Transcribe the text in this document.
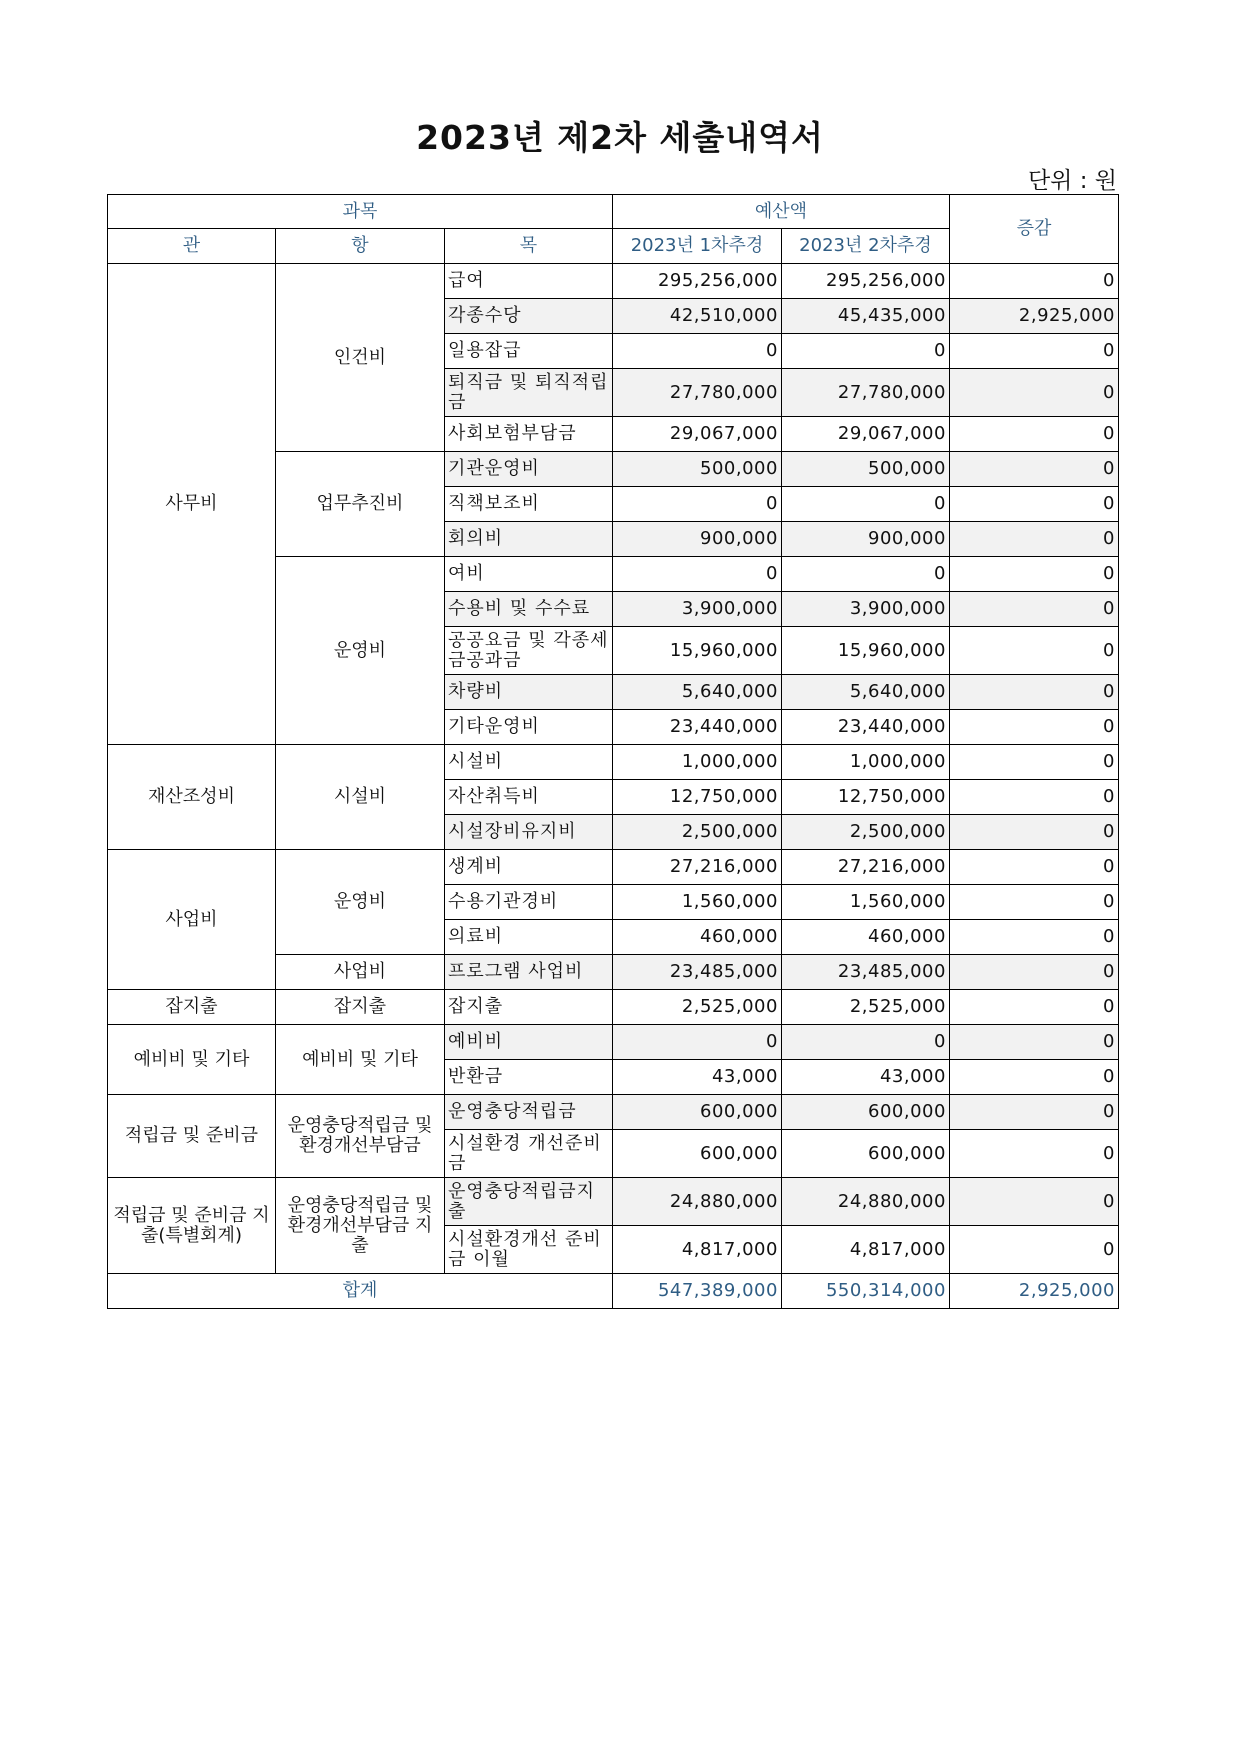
2023년 제2차 세출내역서
단위 : 원
과목			예산액		증감
관	항	목	2023년 1차추경	2023년 2차추경	
사무비	인건비	급여	295,256,000	295,256,000	0
		각종수당	42,510,000	45,435,000	2,925,000
		일용잡급	0	0	0
		퇴직금 및 퇴직적립금	27,780,000	27,780,000	0
		사회보험부담금	29,067,000	29,067,000	0
	업무추진비	기관운영비	500,000	500,000	0
		직책보조비	0	0	0
		회의비	900,000	900,000	0
	운영비	여비	0	0	0
		수용비 및 수수료	3,900,000	3,900,000	0
		공공요금 및 각종세금공과금	15,960,000	15,960,000	0
		차량비	5,640,000	5,640,000	0
		기타운영비	23,440,000	23,440,000	0
재산조성비	시설비	시설비	1,000,000	1,000,000	0
		자산취득비	12,750,000	12,750,000	0
		시설장비유지비	2,500,000	2,500,000	0
사업비	운영비	생계비	27,216,000	27,216,000	0
		수용기관경비	1,560,000	1,560,000	0
		의료비	460,000	460,000	0
	사업비	프로그램 사업비	23,485,000	23,485,000	0
잡지출	잡지출	잡지출	2,525,000	2,525,000	0
예비비 및 기타	예비비 및 기타	예비비	0	0	0
		반환금	43,000	43,000	0
적립금 및 준비금	운영충당적립금 및 환경개선부담금	운영충당적립금	600,000	600,000	0
		시설환경 개선준비금	600,000	600,000	0
적립금 및 준비금 지출(특별회계)	운영충당적립금 및 환경개선부담금 지출	운영충당적립금지출	24,880,000	24,880,000	0
		시설환경개선 준비금 이월	4,817,000	4,817,000	0
합계			547,389,000	550,314,000	2,925,000
